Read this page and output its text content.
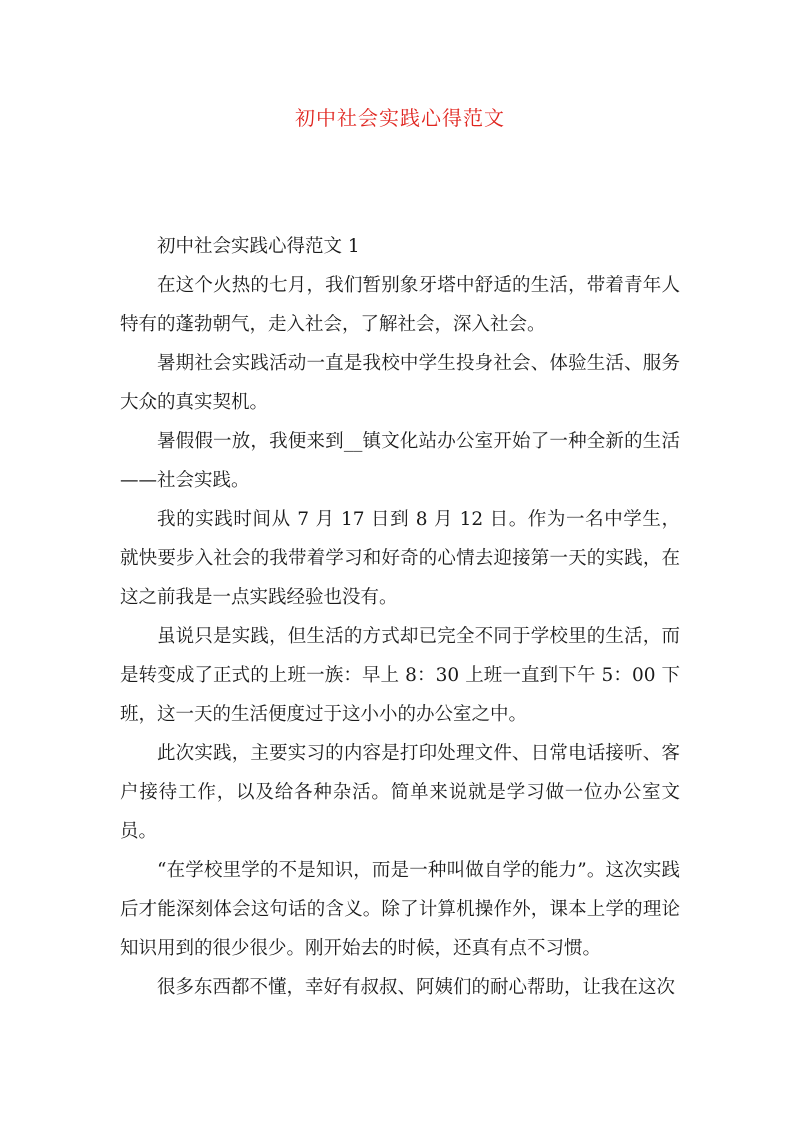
初中社会实践心得范文

初中社会实践心得范文 1

在这个火热的七月，我们暂别象牙塔中舒适的生活，带着青年人特有的蓬勃朝气，走入社会，了解社会，深入社会。

暑期社会实践活动一直是我校中学生投身社会、体验生活、服务大众的真实契机。

暑假假一放，我便来到__镇文化站办公室开始了一种全新的生活——社会实践。

我的实践时间从 7 月 17 日到 8 月 12 日。作为一名中学生，就快要步入社会的我带着学习和好奇的心情去迎接第一天的实践，在这之前我是一点实践经验也没有。

虽说只是实践，但生活的方式却已完全不同于学校里的生活，而是转变成了正式的上班一族：早上 8：30 上班一直到下午 5：00 下班，这一天的生活便度过于这小小的办公室之中。

此次实践，主要实习的内容是打印处理文件、日常电话接听、客户接待工作，以及给各种杂活。简单来说就是学习做一位办公室文员。

“在学校里学的不是知识，而是一种叫做自学的能力”。这次实践后才能深刻体会这句话的含义。除了计算机操作外，课本上学的理论知识用到的很少很少。刚开始去的时候，还真有点不习惯。

很多东西都不懂，幸好有叔叔、阿姨们的耐心帮助，让我在这次
